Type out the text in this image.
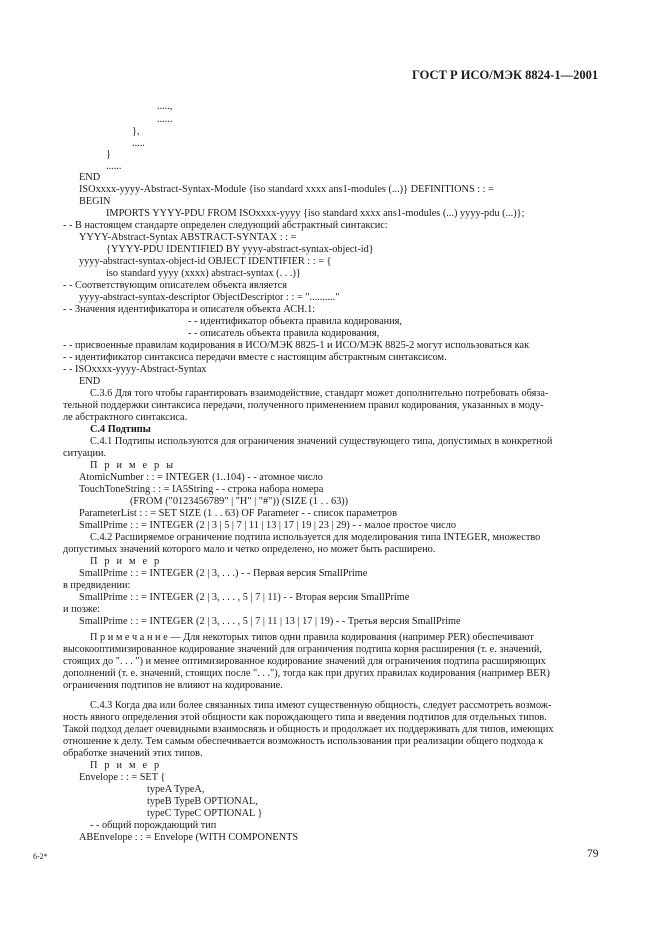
ГОСТ Р ИСО/МЭК 8824-1—2001
.....,
......
},
.....
}
......
END
ISOxxxx-yyyy-Abstract-Syntax-Module {iso standard xxxx ans1-modules (...)} DEFINITIONS : : =
BEGIN
IMPORTS YYYY-PDU FROM ISOxxxx-yyyy {iso standard xxxx ans1-modules (...) yyyy-pdu (...)};
- - В настоящем стандарте определен следующий абстрактный синтаксис:
YYYY-Abstract-Syntax ABSTRACT-SYNTAX : : =
{YYYY-PDU IDENTIFIED BY yyyy-abstract-syntax-object-id}
yyyy-abstract-syntax-object-id OBJECT IDENTIFIER : : = {
iso standard yyyy (xxxx) abstract-syntax (. . .)}
- - Соответствующим описателем объекта является
yyyy-abstract-syntax-descriptor ObjectDescriptor : : = ".........."
- - Значения идентификатора и описателя объекта АСН.1:
- - идентификатор объекта правила кодирования,
- - описатель объекта правила кодирования,
- - присвоенные правилам кодирования в ИСО/МЭК 8825-1 и ИСО/МЭК 8825-2 могут использоваться как
- - идентификатор синтаксиса передачи вместе с настоящим абстрактным синтаксисом.
- - ISOxxxx-yyyy-Abstract-Syntax
END
C.3.6 Для того чтобы гарантировать взаимодействие, стандарт может дополнительно потребовать обяза-
тельной поддержки синтаксиса передачи, полученного применением правил кодирования, указанных в моду-
ле абстрактного синтаксиса.
С.4 Подтипы
С.4.1 Подтипы используются для ограничения значений существующего типа, допустимых в конкретной
ситуации.
П р и м е р ы
AtomicNumber : : = INTEGER (1..104) - - атомное число
TouchToneString : : = IA5String - - строка набора номера
(FROM ("0123456789" | "H" | "#")) (SIZE (1 . . 63))
ParameterList : : = SET SIZE (1 . . 63) OF Parameter - - список параметров
SmallPrime : : = INTEGER (2 | 3 | 5 | 7 | 11 | 13 | 17 | 19 | 23 | 29) - - малое простое число
С.4.2 Расширяемое ограничение подтипа используется для моделирования типа INTEGER, множество
допустимых значений которого мало и четко определено, но может быть расширено.
П р и м е р
SmallPrime : : = INTEGER (2 | 3, . . .) - - Первая версия SmallPrime
в предвидении:
SmallPrime : : = INTEGER (2 | 3, . . . , 5 | 7 | 11) - - Вторая версия SmallPrime
и позже:
SmallPrime : : = INTEGER (2 | 3, . . . , 5 | 7 | 11 | 13 | 17 | 19) - - Третья версия SmallPrime
П р и м е ч а н и е — Для некоторых типов одни правила кодирования (например PER) обеспечивают
высокооптимизированное кодирование значений для ограничения подтипа корня расширения (т. е. значений,
стоящих до ". . . ") и менее оптимизированное кодирование значений для ограничения подтипа расширяющих
дополнений (т. е. значений, стоящих после ". . ."), тогда как при других правилах кодирования (например BER)
ограничения подтипов не влияют на кодирование.
С.4.3 Когда два или более связанных типа имеют существенную общность, следует рассмотреть возмож-
ность явного определения этой общности как порождающего типа и введения подтипов для отдельных типов.
Такой подход делает очевидными взаимосвязь и общность и продолжает их поддерживать для типов, имеющих
отношение к делу. Тем самым обеспечивается возможность использования при реализации общего подхода к
обработке значений этих типов.
П р и м е р
Envelope : : = SET {
typeA TypeA,
typeB TypeB OPTIONAL,
typeC TypeC OPTIONAL }
- - общий порождающий тип
ABEnvelope : : = Envelope (WITH COMPONENTS
6-2*	79
